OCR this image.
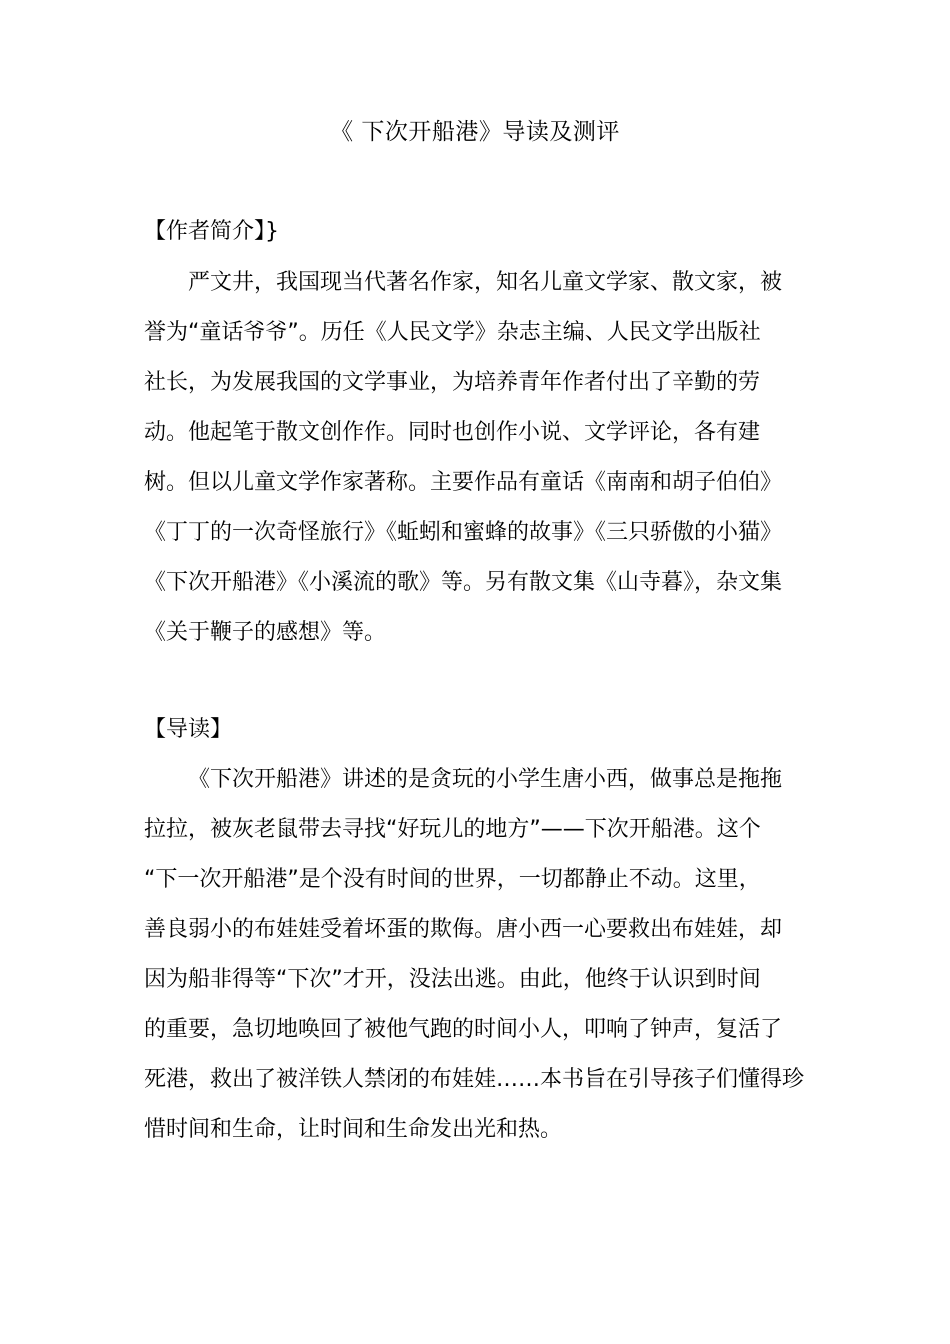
《 下次开船港》导读及测评
【作者简介】}
严文井，我国现当代著名作家，知名儿童文学家、散文家，被
誉为“童话爷爷”。历任《人民文学》杂志主编、人民文学出版社
社长，为发展我国的文学事业，为培养青年作者付出了辛勤的劳
动。他起笔于散文创作作。同时也创作小说、文学评论，各有建
树。但以儿童文学作家著称。主要作品有童话《南南和胡子伯伯》
《丁丁的一次奇怪旅行》《蚯蚓和蜜蜂的故事》《三只骄傲的小猫》
《下次开船港》《小溪流的歌》等。另有散文集《山寺暮》，杂文集
《关于鞭子的感想》等。
【导读】
《下次开船港》讲述的是贪玩的小学生唐小西，做事总是拖拖
拉拉，被灰老鼠带去寻找“好玩儿的地方”——下次开船港。这个
“下一次开船港”是个没有时间的世界，一切都静止不动。这里，
善良弱小的布娃娃受着坏蛋的欺侮。唐小西一心要救出布娃娃，却
因为船非得等“下次”才开，没法出逃。由此，他终于认识到时间
的重要，急切地唤回了被他气跑的时间小人，叩响了钟声，复活了
死港，救出了被洋铁人禁闭的布娃娃……本书旨在引导孩子们懂得珍
惜时间和生命，让时间和生命发出光和热。
